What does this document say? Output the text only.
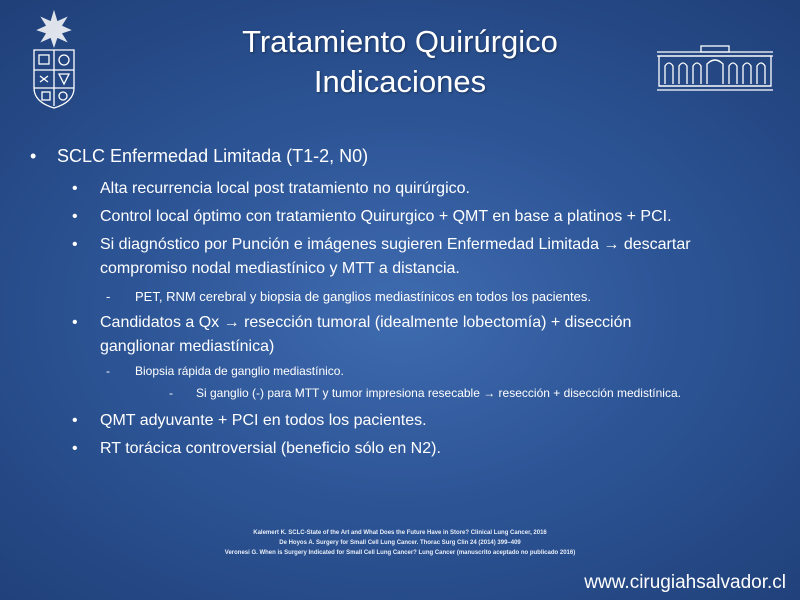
Tratamiento Quirúrgico
Indicaciones
• SCLC Enfermedad Limitada (T1-2, N0)
• Alta recurrencia local post tratamiento no quirúrgico.
• Control local óptimo con tratamiento Quirurgico + QMT en base a platinos + PCI.
• Si diagnóstico por Punción e imágenes sugieren Enfermedad Limitada → descartar
compromiso nodal mediastínico y MTT a distancia.
- PET, RNM cerebral y biopsia de ganglios mediastínicos en todos los pacientes.
• Candidatos a Qx → resección tumoral (idealmente lobectomía) + disección
ganglionar mediastínica)
- Biopsia rápida de ganglio mediastínico.
- Si ganglio (-) para MTT y tumor impresiona resecable → resección + disección medistínica.
• QMT adyuvante + PCI en todos los pacientes.
• RT torácica controversial (beneficio sólo en N2).
Kalemert K. SCLC-State of the Art and What Does the Future Have in Store? Clinical Lung Cancer, 2016
De Hoyos A. Surgery for Small Cell Lung Cancer. Thorac Surg Clin 24 (2014) 399–409
Veronesi G. When is Surgery Indicated for Small Cell Lung Cancer? Lung Cancer (manuscrito aceptado no publicado 2016)
www.cirugiahsalvador.cl
